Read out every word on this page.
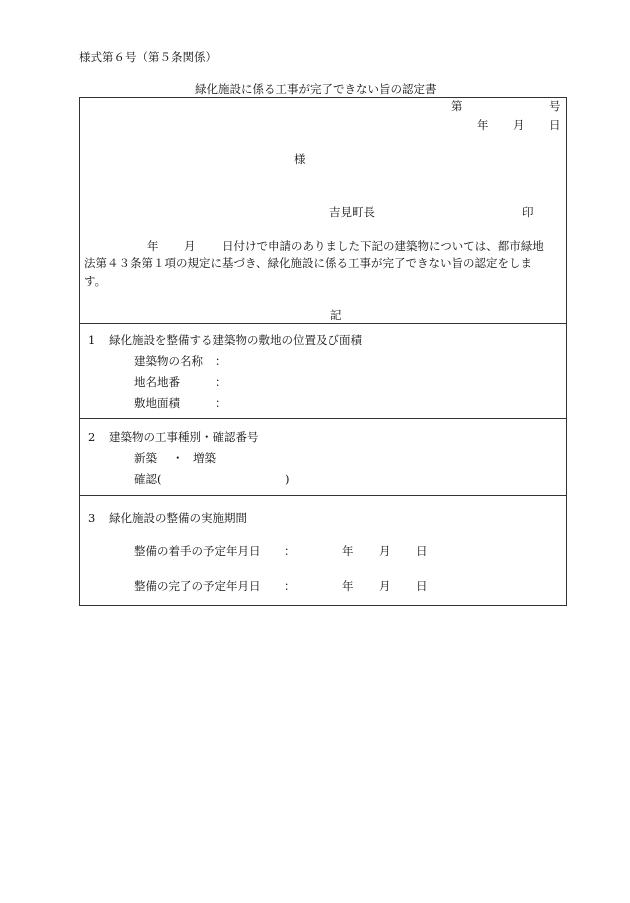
様式第６号（第５条関係）
緑化施設に係る工事が完了できない旨の認定書
第	号
年 月 日
様
吉見町長	印
年 月 日付けで申請のありました下記の建築物については、都市緑地
法第４３条第１項の規定に基づき、緑化施設に係る工事が完了できない旨の認定をしま
す。
記
1 緑化施設を整備する建築物の敷地の位置及び面積
建築物の名称 ：
地名地番	：
敷地面積	：
2 建築物の工事種別・確認番号
新築 ・ 増築
確認(	)
3 緑化施設の整備の実施期間
整備の着手の予定年月日 ：	年 月 日
整備の完了の予定年月日 ：	年 月 日
